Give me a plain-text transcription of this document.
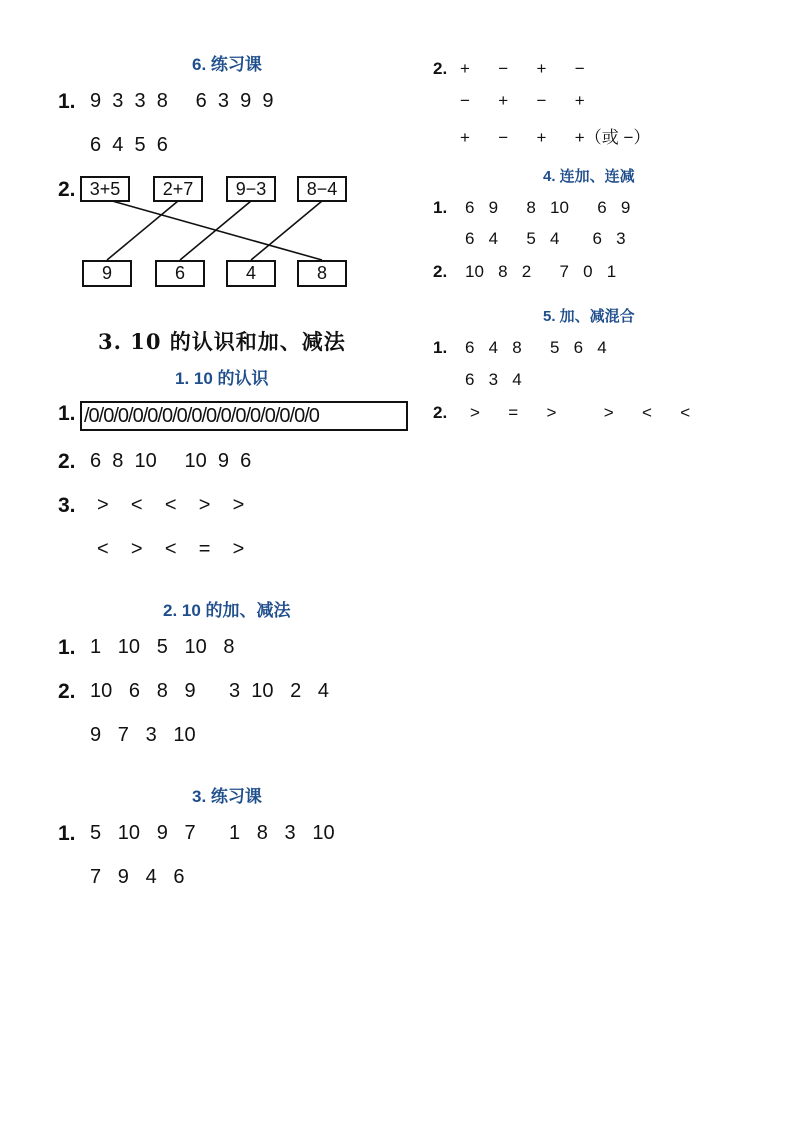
6. 练习课
1. 9  3  3  8     6  3  9  9
6  4  5  6
2. 3+5	2+7	9−3	8−4
9	6	4	8
3. 10 的认识和加、减法
1. 10 的认识
1. /0/0/0/0/0/0/0/0/0/0/0/0/0/0/0/0
2. 6  8  10     10  9  6
3. >    <    <    >    >
<    >    <    =    >
2. 10 的加、减法
1. 1   10   5   10   8
2. 10   6   8   9      3  10   2   4
9   7   3   10
3. 练习课
1. 5   10   9   7      1   8   3   10
7   9   4   6
2. +      −      +      −
−      +      −      +
+      −      +      +（或 −）
4. 连加、连减
1. 6   9      8   10      6   9
6   4      5   4       6   3
2. 10   8   2      7   0   1
5. 加、减混合
1. 6   4   8      5   6   4
6   3   4
2. >      =      >          >      <      <
